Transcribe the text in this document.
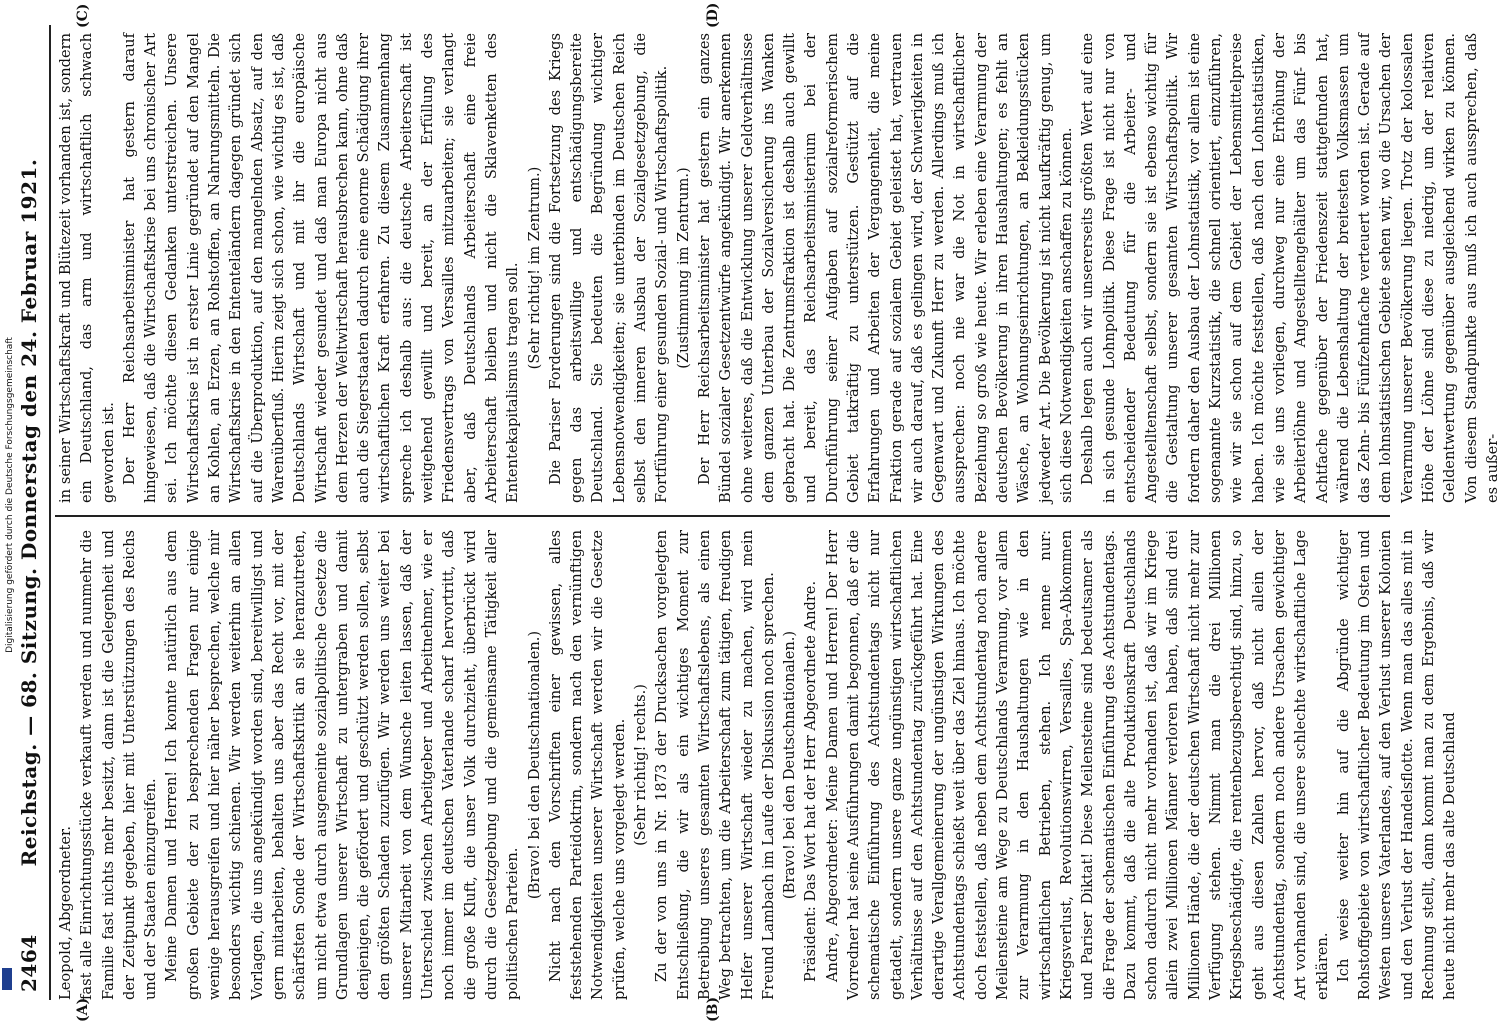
Digitalisierung gefördert durch die Deutsche Forschungsgemeinschaft
2464
Reichstag. — 68. Sitzung. Donnerstag den 24. Februar 1921.
(A)	(B)
(C)	(D)

Leopold, Abgeordneter. fast alle Einrichtungsstücke verkauft werden und nunmehr die Familie fast nichts mehr besitzt, dann ist die Gelegenheit und der Zeitpunkt gegeben, hier mit Unterstützungen des Reichs und der Staaten einzugreifen. Meine Damen und Herren! Ich konnte natürlich aus dem großen Gebiete der zu besprechenden Fragen nur einige wenige herausgreifen und hier näher besprechen, welche mir besonders wichtig schienen. Wir werden weiterhin an allen Vorlagen, die uns angekündigt worden sind, bereitwilligst und gern mitarbeiten, behalten uns aber das Recht vor, mit der schärfsten Sonde der Wirtschaftskritik an sie heranzutreten, um nicht etwa durch ausgemeinte sozialpolitische Gesetze die Grundlagen unserer Wirtschaft zu untergraben und damit denjenigen, die gefördert und geschützt werden sollen, selbst den größten Schaden zuzufügen. Wir werden uns weiter bei unserer Mitarbeit von dem Wunsche leiten lassen, daß der Unterschied zwischen Arbeitgeber und Arbeitnehmer, wie er noch immer im deutschen Vaterlande scharf hervortritt, daß die große Kluft, die unser Volk durchzieht, überbrückt wird durch die Gesetzgebung und die gemeinsame Tätigkeit aller politischen Parteien.

(Bravo! bei den Deutschnationalen.) Nicht nach den Vorschriften einer gewissen, alles feststehenden Parteidoktrin, sondern nach den vernünftigen Notwendigkeiten unserer Wirtschaft werden wir die Gesetze prüfen, welche uns vorgelegt werden. (Sehr richtig! rechts.) Zu der von uns in Nr. 1873 der Drucksachen vorgelegten Entschließung, die wir als ein wichtiges Moment zur Betreibung unseres gesamten Wirtschaftslebens, als einen Weg betrachten, um die Arbeiterschaft zum tätigen, freudigen Helfer unserer Wirtschaft wieder zu machen, wird mein Freund Lambach im Laufe der Diskussion noch sprechen. (Bravo! bei den Deutschnationalen.) Präsident: Das Wort hat der Herr Abgeordnete Andre. Andre, Abgeordneter: Meine Damen und Herren! Der Herr Vorredner hat seine Ausführungen damit begonnen, daß er die schematische Einführung des Achtstundentags nicht nur getadelt, sondern unsere ganze ungünstigen wirtschaftlichen Verhältnisse auf den Achtstundentag zurückgeführt hat. Eine derartige Verallgemeinerung der ungünstigen Wirkungen des Achtstundentags schießt weit über das Ziel hinaus. Ich möchte doch feststellen, daß neben dem Achtstundentag noch andere Meilensteine am Wege zu Deutschlands Verarmung, vor allem zur Verarmung in den Haushaltungen wie in den wirtschaftlichen Betrieben, stehen. Ich nenne nur: Kriegsverlust, Revolutionswirren, Versailles, Spa-Abkommen und Pariser Diktat! Diese Meilensteine sind bedeutsamer als die Frage der schematischen Einführung des Achtstundentags. Dazu kommt, daß die alte Produktionskraft Deutschlands schon dadurch nicht mehr vorhanden ist, daß wir im Kriege allein zwei Millionen Männer verloren haben, daß sind drei Millionen Hände, die der deutschen Wirtschaft nicht mehr zur Verfügung stehen. Nimmt man die drei Millionen Kriegsbeschädigte, die rentenbezugsberechtigt sind, hinzu, so geht aus diesen Zahlen hervor, daß nicht allein der Achtstundentag, sondern noch andere Ursachen gewichtiger Art vorhanden sind, die unsere schlechte wirtschaftliche Lage erklären. Ich weise weiter hin auf die Abgründe wichtiger Rohstoffgebiete von wirtschaftlicher Bedeutung im Osten und Westen unseres Vaterlandes, auf den Verlust unserer Kolonien und den Verlust der Handelsflotte. Wenn man das alles mit in Rechnung stellt, dann kommt man zu dem Ergebnis, daß wir heute nicht mehr das alte Deutschland

in seiner Wirtschaftskraft und Blütezeit vorhanden ist, sondern ein Deutschland, das arm und wirtschaftlich schwach geworden ist. Der Herr Reichsarbeitsminister hat gestern darauf hingewiesen, daß die Wirtschaftskrise bei uns chronischer Art sei. Ich möchte diesen Gedanken unterstreichen. Unsere Wirtschaftskrise ist in erster Linie gegründet auf den Mangel an Kohlen, an Erzen, an Rohstoffen, an Nahrungsmitteln. Die Wirtschaftskrise in den Ententeländern dagegen gründet sich auf die Überproduktion, auf den mangelnden Absatz, auf den Warenüberfluß. Hierin zeigt sich schon, wie wichtig es ist, daß Deutschlands Wirtschaft und mit ihr die europäische Wirtschaft wieder gesundet und daß man Europa nicht aus dem Herzen der Weltwirtschaft herausbrechen kann, ohne daß auch die Siegerstaaten dadurch eine enorme Schädigung ihrer wirtschaftlichen Kraft erfahren. Zu diesem Zusammenhang spreche ich deshalb aus: die deutsche Arbeiterschaft ist weitgehend gewillt und bereit, an der Erfüllung des Friedensvertrags von Versailles mitzuarbeiten; sie verlangt aber, daß Deutschlands Arbeiterschaft eine freie Arbeiterschaft bleiben und nicht die Sklavenketten des Ententekapitalismus tragen soll. (Sehr richtig! im Zentrum.) Die Pariser Forderungen sind die Fortsetzung des Kriegs gegen das arbeitswillige und entschädigungsbereite Deutschland. Sie bedeuten die Begründung wichtiger Lebensnotwendigkeiten; sie unterbinden im Deutschen Reich selbst den inneren Ausbau der Sozialgesetzgebung, die Fortführung einer gesunden Sozial- und Wirtschaftspolitik. (Zustimmung im Zentrum.) Der Herr Reichsarbeitsminister hat gestern ein ganzes Bündel sozialer Gesetzentwürfe angekündigt. Wir anerkennen ohne weiteres, daß die Entwicklung unserer Geldverhältnisse dem ganzen Unterbau der Sozialversicherung ins Wanken gebracht hat. Die Zentrumsfraktion ist deshalb auch gewillt und bereit, das Reichsarbeitsministerium bei der Durchführung seiner Aufgaben auf sozialreformerischem Gebiet tatkräftig zu unterstützen. Gestützt auf die Erfahrungen und Arbeiten der Vergangenheit, die meine Fraktion gerade auf sozialem Gebiet geleistet hat, vertrauen wir auch darauf, daß es gelingen wird, der Schwierigkeiten in Gegenwart und Zukunft Herr zu werden. Allerdings muß ich aussprechen: noch nie war die Not in wirtschaftlicher Beziehung so groß wie heute. Wir erleben eine Verarmung der deutschen Bevölkerung in ihren Haushaltungen; es fehlt an Wäsche, an Wohnungseinrichtungen, an Bekleidungsstücken jedweder Art. Die Bevölkerung ist nicht kaufkräftig genug, um sich diese Notwendigkeiten anschaffen zu können. Deshalb legen auch wir unsererseits größten Wert auf eine in sich gesunde Lohnpolitik. Diese Frage ist nicht nur von entscheidender Bedeutung für die Arbeiter- und Angestelltenschaft selbst, sondern sie ist ebenso wichtig für die Gestaltung unserer gesamten Wirtschaftspolitik. Wir fordern daher den Ausbau der Lohnstatistik, vor allem ist eine sogenannte Kurzstatistik, die schnell orientiert, einzuführen, wie wir sie schon auf dem Gebiet der Lebensmittelpreise haben. Ich möchte feststellen, daß nach den Lohnstatistiken, wie sie uns vorliegen, durchweg nur eine Erhöhung der Arbeiterlöhne und Angestelltengehälter um das Fünf- bis Achtfache gegenüber der Friedenszeit stattgefunden hat, während die Lebenshaltung der breitesten Volksmassen um das Zehn- bis Fünfzehnfache verteuert worden ist. Gerade auf dem lohnstatistischen Gebiete sehen wir, wo die Ursachen der Verarmung unserer Bevölkerung liegen. Trotz der kolossalen Höhe der Löhne sind diese zu niedrig, um der relativen Geldentwertung gegenüber ausgleichend wirken zu können. Von diesem Standpunkte aus muß ich auch aussprechen, daß es außer-
